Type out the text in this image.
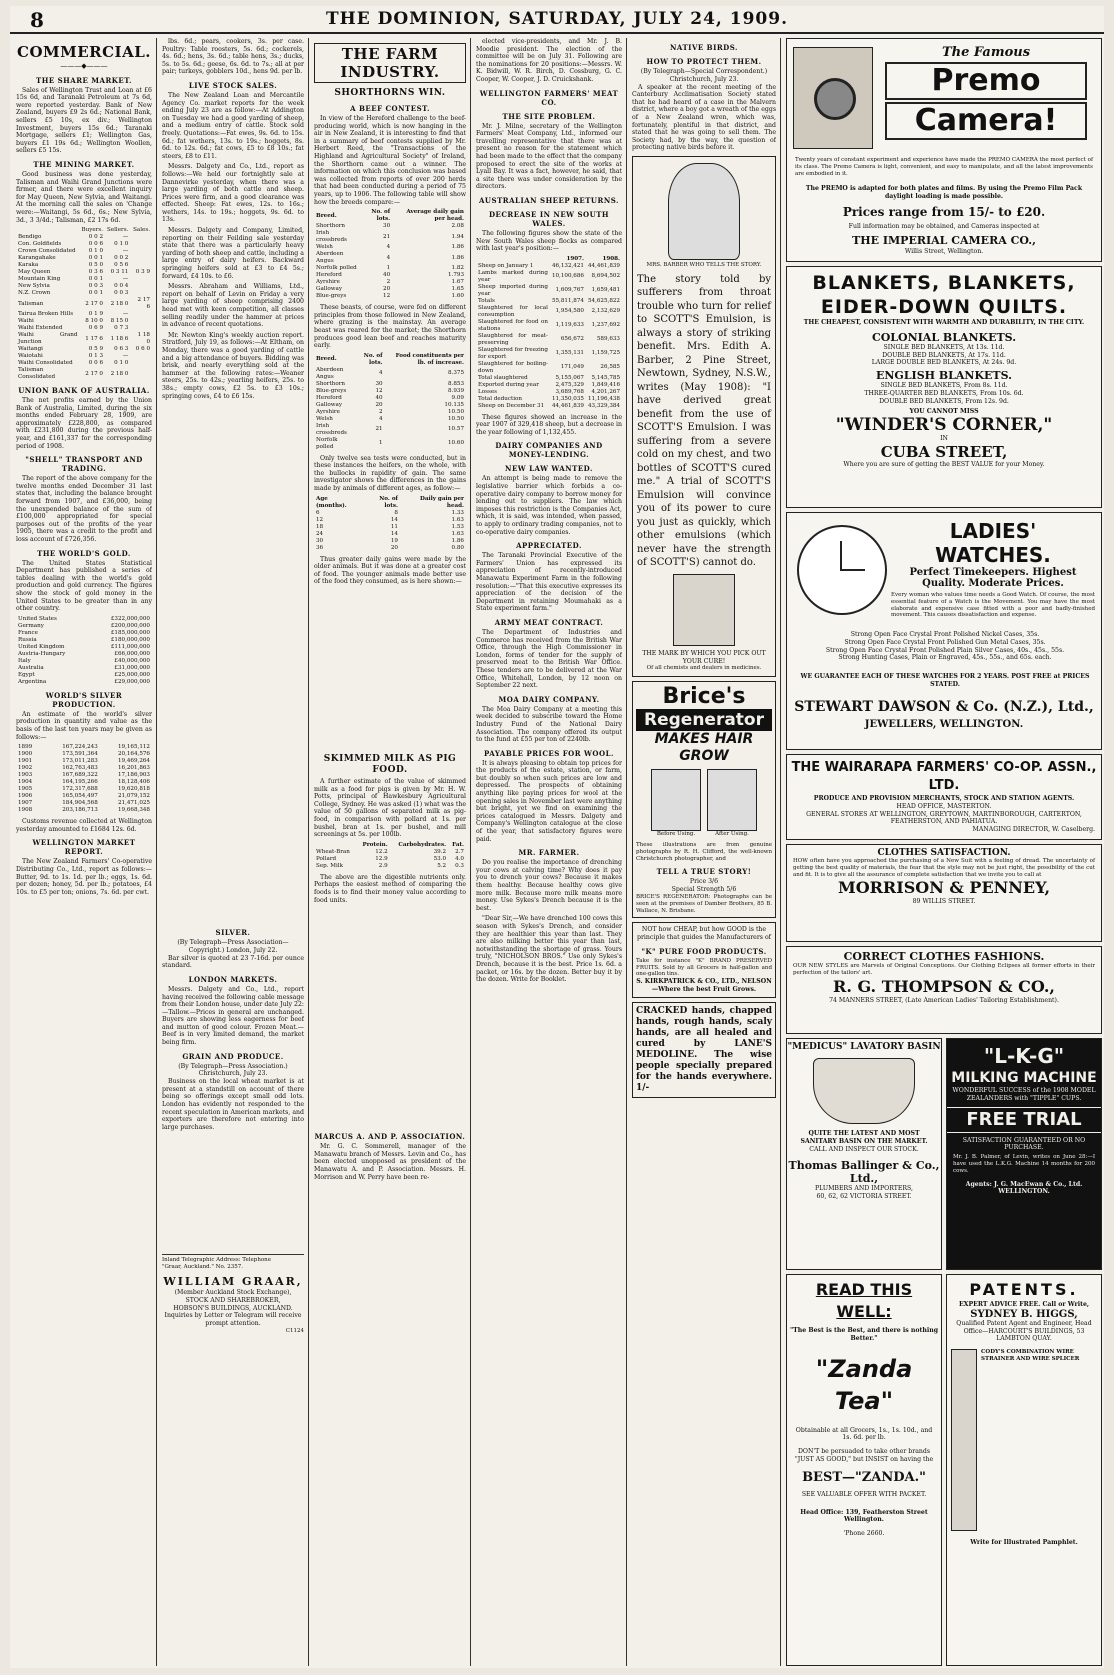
8	THE DOMINION, SATURDAY, JULY 24, 1909.
COMMERCIAL.
———◆———
THE SHARE MARKET.

Sales of Wellington Trust and Loan at £6 15s 6d, and Taranaki Petroleum at 7s 6d, were reported yesterday. Bank of New Zealand, buyers £9 2s 6d.; National Bank, sellers £5 10s, ex div.; Wellington Investment, buyers 15s 6d.; Taranaki Mortgage, sellers £1; Wellington Gas, buyers £1 19s 6d.; Wellington Woollen, sellers £5 15s.

THE MINING MARKET.

Good business was done yesterday, Talisman and Waihi Grand Junctions were firmer, and there were excellent inquiry for May Queen, New Sylvia, and Waitangi. At the morning call the sales on 'Change were:—Waitangi, 5s 6d., 6s.; New Sylvia, 3d., 3 3/4d.; Talisman, £2 17s 6d.

	Buyers.	Sellers.	Sales.
Bendigo	0 0 2	—	
Con. Goldfields	0 0 6	0 1 0	
Crown Consolidated	0 1 0	—	
Karangahake	0 0 1	0 0 2	
Karaka	0 5 0	0 5 6	
May Queen	0 3 6	0 3 11	0 3 9
Mountain King	0 0 1	—	
New Sylvia	0 0 3	0 0 4	
N.Z. Crown	0 0 1	0 0 3	
Talisman	2 17 0	2 18 0	2 17 6
Tairua Broken Hills	0 1 9	—	
Waihi	8 10 0	8 15 0	
Waihi Extended	0 6 9	0 7 3	
Waihi Grand Junction	1 17 6	1 18 6	1 18 0
Waitangi	0 5 9	0 6 3	0 6 0
Waiotahi	0 1 3	—	
Waihi Consolidated	0 0 6	0 1 0	
Talisman Consolidated	2 17 0	2 18 0	
UNION BANK OF AUSTRALIA.

The net profits earned by the Union Bank of Australia, Limited, during the six months ended February 28, 1909, are approximately £228,800, as compared with £231,800 during the previous half-year, and £161,337 for the corresponding period of 1908.

"SHELL" TRANSPORT AND TRADING.

The report of the above company for the twelve months ended December 31 last states that, including the balance brought forward from 1907, and £36,000, being the unexpended balance of the sum of £100,000 appropriated for special purposes out of the profits of the year 1905, there was a credit to the profit and loss account of £726,356.

THE WORLD'S GOLD.

The United States Statistical Department has published a series of tables dealing with the world's gold production and gold currency. The figures show the stock of gold money in the United States to be greater than in any other country.

United States	£322,000,000
Germany	£200,000,000
France	£185,000,000
Russia	£180,000,000
United Kingdom	£111,000,000
Austria-Hungary	£66,000,000
Italy	£40,000,000
Australia	£31,000,000
Egypt	£25,000,000
Argentina	£29,000,000
WORLD'S SILVER PRODUCTION.

An estimate of the world's silver production in quantity and value as the basis of the last ten years may be given as follows:—

1899	167,224,243	19,165,112
1900	173,591,364	20,164,576
1901	173,011,283	19,469,264
1902	162,763,483	16,201,863
1903	167,689,322	17,186,903
1904	164,195,266	18,128,406
1905	172,317,688	19,620,818
1906	165,054,497	21,079,152
1907	184,904,568	21,471,025
1908	203,186,713	19,668,348

Customs revenue collected at Wellington yesterday amounted to £1684 12s. 6d.

WELLINGTON MARKET REPORT.

The New Zealand Farmers' Co-operative Distributing Co., Ltd., report as follows:—Butter, 9d. to 1s. 1d. per lb.; eggs, 1s. 6d. per dozen; honey, 5d. per lb.; potatoes, £4 10s. to £5 per ton; onions, 7s. 6d. per cwt.

lbs. 6d.; pears, cookers, 3s. per case. Poultry: Table roosters, 5s. 6d.; cockerels, 4s. 6d.; hens, 3s. 6d.; table hens, 3s.; ducks, 5s. to 5s. 6d.; geese, 6s. 6d. to 7s.; all at per pair; turkeys, gobblers 10d., hens 9d. per lb.

LIVE STOCK SALES.

The New Zealand Loan and Mercantile Agency Co. market reports for the week ending July 23 are as follow:—At Addington on Tuesday we had a good yarding of sheep, and a medium entry of cattle. Stock sold freely. Quotations:—Fat ewes, 9s. 6d. to 15s. 6d.; fat wethers, 13s. to 19s.; hoggets, 8s. 6d. to 12s. 6d.; fat cows, £5 to £8 10s.; fat steers, £8 to £11.

Messrs. Dalgety and Co., Ltd., report as follows:—We held our fortnightly sale at Dannevirke yesterday, when there was a large yarding of both cattle and sheep. Prices were firm, and a good clearance was effected. Sheep: Fat ewes, 12s. to 16s.; wethers, 14s. to 19s.; hoggets, 9s. 6d. to 13s.

Messrs. Dalgety and Company, Limited, reporting on their Feilding sale yesterday state that there was a particularly heavy yarding of both sheep and cattle, including a large entry of dairy heifers. Backward springing heifers sold at £3 to £4 5s.; forward, £4 10s. to £6.

Messrs. Abraham and Williams, Ltd., report on behalf of Levin on Friday a very large yarding of sheep comprising 2400 head met with keen competition, all classes selling readily under the hammer at prices in advance of recent quotations.

Mr. Newton King's weekly auction report. Stratford, July 19, as follows:—At Eltham, on Monday, there was a good yarding of cattle and a big attendance of buyers. Bidding was brisk, and nearly everything sold at the hammer at the following rates:—Weaner steers, 25s. to 42s.; yearling heifers, 25s. to 38s.; empty cows, £2 5s. to £3 10s.; springing cows, £4 to £6 15s.

SILVER.
(By Telegraph—Press Association—Copyright.) London, July 22.

Bar silver is quoted at 23 7-16d. per ounce standard.

LONDON MARKETS.

Messrs. Dalgety and Co., Ltd., report having received the following cable message from their London house, under date July 22:—Tallow.—Prices in general are unchanged. Buyers are showing less eagerness for beef and mutton of good colour. Frozen Meat.—Beef is in very limited demand, the market being firm.

GRAIN AND PRODUCE.
(By Telegraph—Press Association.) Christchurch, July 23.

Business on the local wheat market is at present at a standstill on account of there being so offerings except small odd lots. London has evidently not responded to the recent speculation in American markets, and exporters are therefore not entering into large purchases.

Inland Telegraphic Address: Telephone
"Graar, Auckland." No. 2357.
WILLIAM GRAAR,
(Member Auckland Stock Exchange),
STOCK AND SHAREBROKER,
HOBSON'S BUILDINGS, AUCKLAND.
Inquiries by Letter or Telegram will receive prompt attention.
C1124
THE FARM INDUSTRY.
SHORTHORNS WIN.
A BEEF CONTEST.

In view of the Hereford challenge to the beef-producing world, which is now hanging in the air in New Zealand, it is interesting to find that in a summary of beef contests supplied by Mr. Herbert Reed, the "Transactions of the Highland and Agricultural Society" of Ireland, the Shorthorn came out a winner. The information on which this conclusion was based was collected from reports of over 200 herds that had been conducted during a period of 75 years, up to 1906. The following table will show how the breeds compare:—

Breed.	No. of lots.	Average daily gain per head.
Shorthorn	30	2.08
Irish crossbreds	21	1.94
Welsh	4	1.86
Aberdeen Angus	4	1.86
Norfolk polled	1	1.82
Hereford	40	1.793
Ayrshire	2	1.67
Galloway	20	1.65
Blue-greys	12	1.60

These beasts, of course, were fed on different principles from those followed in New Zealand, where grazing is the mainstay. An average beast was reared for the market; the Shorthorn produces good lean beef and reaches maturity early.

Breed.	No. of lots.	Food constituents per lb. of increase.
Aberdeen Angus	4	8.375
Shorthorn	30	8.853
Blue-greys	12	8.939
Hereford	40	9.09
Galloway	20	10.135
Ayrshire	2	10.50
Welsh	4	10.50
Irish crossbreds	21	10.57
Norfolk polled	1	10.60

Only twelve sea tests were conducted, but in these instances the heifers, on the whole, with the bullocks in rapidity of gain. The same investigator shows the differences in the gains made by animals of different ages, as follow:—

Age (months).	No. of lots.	Daily gain per head.
6	8	1.33
12	14	1.63
18	11	1.53
24	14	1.63
30	19	1.86
36	20	0.80

Thus greater daily gains were made by the older animals. But it was done at a greater cost of food. The younger animals made better use of the food they consumed, as is here shown:—

SKIMMED MILK AS PIG FOOD.

A further estimate of the value of skimmed milk as a food for pigs is given by Mr. H. W. Potts, principal of Hawkesbury Agricultural College, Sydney. He was asked (1) what was the value of 50 gallons of separated milk as pig-food, in comparison with pollard at 1s. per bushel, bran at 1s. per bushel, and mill screenings at 5s. per 100lb.

	Protein.	Carbohydrates.	Fat.
Wheat-Bran	12.2	39.2	2.7
Pollard	12.9	53.0	4.0
Sep. Milk	2.9	5.2	0.3

The above are the digestible nutrients only. Perhaps the easiest method of comparing the foods is to find their money value according to food units.

MARCUS A. AND P. ASSOCIATION.

Mr. G. C. Sommerell, manager of the Manawatu branch of Messrs. Levin and Co., has been elected unopposed as president of the Manawatu A. and P. Association. Messrs. H. Morrison and W. Perry have been re-

elected vice-presidents, and Mr. J. B. Moodie president. The election of the committee will be on July 31. Following are the nominations for 20 positions:—Messrs. W. K. Bidwill, W. R. Birch, D. Cossburg, G. C. Cooper, W. Cooper, J. D. Cruickshank.

WELLINGTON FARMERS' MEAT CO.
THE SITE PROBLEM.

Mr. J. Milne, secretary of the Wellington Farmers' Meat Company, Ltd., informed our travelling representative that there was at present no reason for the statement which had been made to the effect that the company proposed to erect the site of the works at Lyall Bay. It was a fact, however, he said, that a site there was under consideration by the directors.

AUSTRALIAN SHEEP RETURNS.
DECREASE IN NEW SOUTH WALES.

The following figures show the state of the New South Wales sheep flocks as compared with last year's position:—

	1907.	1908.
Sheep on January 1	46,132,421	44,461,839
Lambs marked during year	10,100,686	8,694,502
Sheep imported during year	1,609,767	1,659,481
Totals	55,811,874	54,625,822
Slaughtered for local consumption	1,954,580	2,132,629
Slaughtered for food on stations	1,119,633	1,237,692
Slaughtered for meat-preserving	656,672	589,633
Slaughtered for freezing for export	1,355,131	1,159,725
Slaughtered for boiling-down	171,049	26,585
Total slaughtered	5,155,067	5,145,785
Exported during year	2,475,329	1,849,416
Losses	3,689,768	4,201,267
Total deduction	11,350,035	11,196,438
Sheep on December 31	44,461,839	43,329,384

These figures showed an increase in the year 1907 of 329,418 sheep, but a decrease in the year following of 1,132,455.

DAIRY COMPANIES AND MONEY-LENDING.
NEW LAW WANTED.

An attempt is being made to remove the legislative barrier which forbids a co-operative dairy company to borrow money for lending out to suppliers. The law which imposes this restriction is the Companies Act, which, it is said, was intended, when passed, to apply to ordinary trading companies, not to co-operative dairy companies.

APPRECIATED.

The Taranaki Provincial Executive of the Farmers' Union has expressed its appreciation of recently-introduced Manawatu Experiment Farm in the following resolution:—"That this executive expresses its appreciation of the decision of the Department in retaining Moumahaki as a State experiment farm."

ARMY MEAT CONTRACT.

The Department of Industries and Commerce has received from the British War Office, through the High Commissioner in London, forms of tender for the supply of preserved meat to the British War Office. These tenders are to be delivered at the War Office, Whitehall, London, by 12 noon on September 22 next.

MOA DAIRY COMPANY.

The Moa Dairy Company at a meeting this week decided to subscribe toward the Home Industry Fund of the National Dairy Association. The company offered its output to the fund at £55 per ton of 2240lb.

PAYABLE PRICES FOR WOOL.

It is always pleasing to obtain top prices for the products of the estate, station, or farm, but doubly so when such prices are low and depressed. The prospects of obtaining anything like paying prices for wool at the opening sales in November last were anything but bright, yet we find on examining the prices catalogued in Messrs. Dalgety and Company's Wellington catalogue at the close of the year, that satisfactory figures were paid.

MR. FARMER.

Do you realise the importance of drenching your cows at calving time? Why does it pay you to drench your cows? Because it makes them healthy. Because healthy cows give more milk. Because more milk means more money. Use Sykes's Drench because it is the best.

"Dear Sir,—We have drenched 100 cows this season with Sykes's Drench, and consider they are healthier this year than last. They are also milking better this year than last, notwithstanding the shortage of grass. Yours truly, "NICHOLSON BROS." Use only Sykes's Drench, because it is the best. Price 1s. 6d. a packet, or 16s. by the dozen. Better buy it by the dozen. Write for Booklet.

NATIVE BIRDS.
HOW TO PROTECT THEM.
(By Telegraph—Special Correspondent.) Christchurch, July 23.

A speaker at the recent meeting of the Canterbury Acclimatisation Society stated that he had heard of a case in the Malvern district, where a boy got a wreath of the eggs of a New Zealand wren, which was, fortunately, plentiful in that district, and stated that he was going to sell them. The Society had, by the way, the question of protecting native birds before it.

MRS. BARBER WHO TELLS THE STORY.

The story told by sufferers from throat trouble who turn for relief to SCOTT'S Emulsion, is always a story of striking benefit. Mrs. Edith A. Barber, 2 Pine Street, Newtown, Sydney, N.S.W., writes (May 1908): "I have derived great benefit from the use of SCOTT'S Emulsion. I was suffering from a severe cold on my chest, and two bottles of SCOTT'S cured me." A trial of SCOTT'S Emulsion will convince you of its power to cure you just as quickly, which other emulsions (which never have the strength of SCOTT'S) cannot do.

THE MARK BY WHICH YOU PICK OUT YOUR CURE!
Of all chemists and dealers in medicines.
Brice's
Regenerator
MAKES HAIR GROW
Before Using.	After Using.
These illustrations are from genuine photographs by R. H. Clifford, the well-known Christchurch photographer, and
TELL A TRUE STORY!
Price 3/6
Special Strength 5/6
BRICE'S REGENERATOR: Photographs can be seen at the premises of Damber Brothers, 85 B. Wallace, N. Brisbane.
NOT how CHEAP, but how GOOD is the principle that guides the Manufacturers of
"K" PURE FOOD PRODUCTS.
Take for instance "K" BRAND PRESERVED FRUITS. Sold by all Grocers in half-gallon and one-gallon tins.
S. KIRKPATRICK & CO., LTD., NELSON—Where the best Fruit Grows.
CRACKED hands, chapped hands, rough hands, scaly hands, are all healed and cured by LANE'S MEDOLINE. The wise people specially prepared for the hands everywhere. 1/-
The Famous
Premo
Camera!
Twenty years of constant experiment and experience have made the PREMO CAMERA the most perfect of its class. The Premo Camera is light, convenient, and easy to manipulate, and all the latest improvements are embodied in it.
The PREMO is adapted for both plates and films. By using the Premo Film Pack daylight loading is made possible.
Prices range from 15/- to £20.
Full information may be obtained, and Cameras inspected at
THE IMPERIAL CAMERA CO.,
Willis Street, Wellington.
BLANKETS, BLANKETS,
EIDER-DOWN QUILTS.
THE CHEAPEST, CONSISTENT WITH WARMTH AND DURABILITY, IN THE CITY.
COLONIAL BLANKETS.
SINGLE BED BLANKETS, At 13s. 11d.
DOUBLE BED BLANKETS, At 17s. 11d.
LARGE DOUBLE BED BLANKETS, At 24s. 9d.
ENGLISH BLANKETS.
SINGLE BED BLANKETS, From 8s. 11d.
THREE-QUARTER BED BLANKETS, From 10s. 6d.
DOUBLE BED BLANKETS, From 12s. 9d.
YOU CANNOT MISS
"WINDER'S CORNER,"
IN
CUBA STREET,
Where you are sure of getting the BEST VALUE for your Money.
LADIES' WATCHES.
Perfect Timekeepers. Highest
Quality. Moderate Prices.
Every woman who values time needs a Good Watch. Of course, the most essential feature of a Watch is the Movement. You may have the most elaborate and expensive case fitted with a poor and badly-finished movement. This causes dissatisfaction and expense.
Strong Open Face Crystal Front Polished Nickel Cases, 35s.
Strong Open Face Crystal Front Polished Gun Metal Cases, 35s.
Strong Open Face Crystal Front Polished Plain Silver Cases, 40s., 45s., 55s.
Strong Hunting Cases, Plain or Engraved, 45s., 55s., and 65s. each.
WE GUARANTEE EACH OF THESE WATCHES FOR 2 YEARS. POST FREE at PRICES STATED.
STEWART DAWSON & Co. (N.Z.), Ltd.,
JEWELLERS, WELLINGTON.
THE WAIRARAPA FARMERS' CO-OP. ASSN., LTD.
PRODUCE AND PROVISION MERCHANTS, STOCK AND STATION AGENTS.
HEAD OFFICE, MASTERTON.
GENERAL STORES AT WELLINGTON, GREYTOWN, MARTINBOROUGH, CARTERTON, FEATHERSTON, AND PAHIATUA.
MANAGING DIRECTOR, W. Caselberg.
CLOTHES SATISFACTION.
HOW often have you approached the purchasing of a New Suit with a feeling of dread. The uncertainty of getting the best quality of materials, the fear that the style may not be just right, the possibility of the cut and fit. It is to give all the assurance of complete satisfaction that we invite you to call at
MORRISON & PENNEY,
89 WILLIS STREET.
CORRECT CLOTHES FASHIONS.
OUR NEW STYLES are Marvels of Original Conceptions. Our Clothing Eclipses all former efforts in their perfection of the tailors' art.
R. G. THOMPSON & CO.,
74 MANNERS STREET, (Late American Ladies' Tailoring Establishment).
"MEDICUS" LAVATORY BASIN
QUITE THE LATEST AND MOST SANITARY BASIN ON THE MARKET.
CALL AND INSPECT OUR STOCK.
Thomas Ballinger & Co., Ltd.,
PLUMBERS AND IMPORTERS,
60, 62, 62 VICTORIA STREET.
"L-K-G"
MILKING MACHINE
WONDERFUL SUCCESS of the 1908 MODEL ZEALANDERS with "TIPPLE" CUPS.
FREE TRIAL
SATISFACTION GUARANTEED OR NO PURCHASE.
Mr. J. B. Palmer, of Levin, writes on June 28:—I have used the L.K.G. Machine 14 months for 200 cows.
Agents: J. G. MacEwan & Co., Ltd. WELLINGTON.
READ THIS WELL:
"The Best is the Best, and there is nothing Better."
"Zanda Tea"
Obtainable at all Grocers, 1s., 1s. 10d., and 1s. 6d. per lb.
DON'T be persuaded to take other brands "JUST AS GOOD," but INSIST on having the
BEST—"ZANDA."
SEE VALUABLE OFFER WITH PACKET.
Head Office: 139, Featherston Street Wellington.
'Phone 2660.
PATENTS.
EXPERT ADVICE FREE. Call or Write,
SYDNEY B. HIGGS,
Qualified Patent Agent and Engineer, Head Office—HARCOURT'S BUILDINGS, 53 LAMBTON QUAY.
CODY'S COMBINATION WIRE STRAINER AND WIRE SPLICER
Write for Illustrated Pamphlet.
